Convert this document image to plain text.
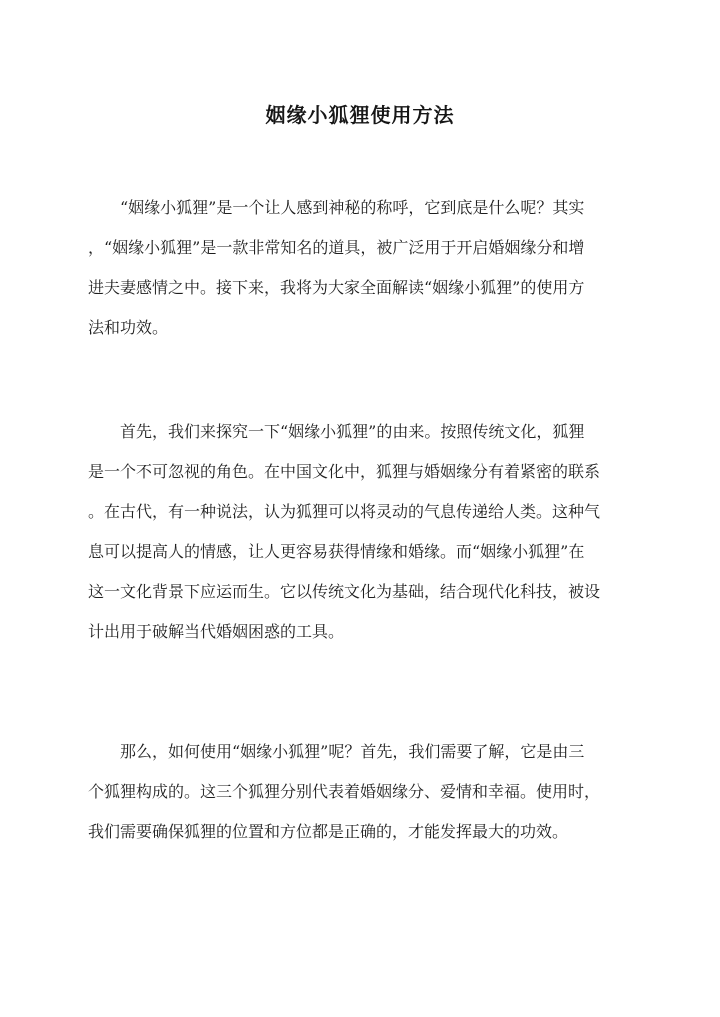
姻缘小狐狸使用方法

　　“姻缘小狐狸”是一个让人感到神秘的称呼，它到底是什么呢？其实
，“姻缘小狐狸”是一款非常知名的道具，被广泛用于开启婚姻缘分和增
进夫妻感情之中。接下来，我将为大家全面解读“姻缘小狐狸”的使用方
法和功效。

　　首先，我们来探究一下“姻缘小狐狸”的由来。按照传统文化，狐狸
是一个不可忽视的角色。在中国文化中，狐狸与婚姻缘分有着紧密的联系
。在古代，有一种说法，认为狐狸可以将灵动的气息传递给人类。这种气
息可以提高人的情感，让人更容易获得情缘和婚缘。而“姻缘小狐狸”在
这一文化背景下应运而生。它以传统文化为基础，结合现代化科技，被设
计出用于破解当代婚姻困惑的工具。

　　那么，如何使用“姻缘小狐狸”呢？首先，我们需要了解，它是由三
个狐狸构成的。这三个狐狸分别代表着婚姻缘分、爱情和幸福。使用时，
我们需要确保狐狸的位置和方位都是正确的，才能发挥最大的功效。
